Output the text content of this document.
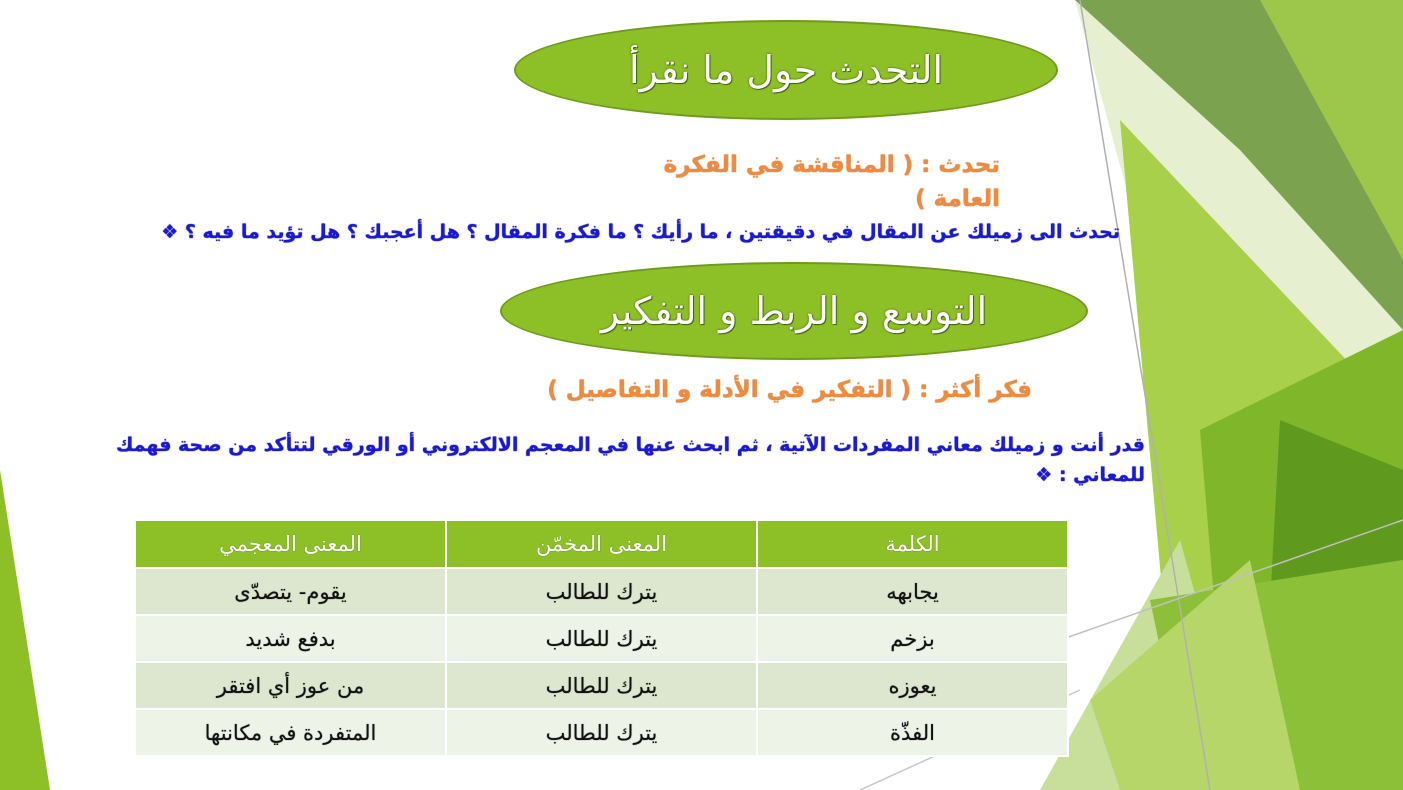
التحدث حول ما نقرأ
تحدث : ( المناقشة في الفكرة العامة )
تحدث الى زميلك عن المقال في دقيقتين ، ما رأيك ؟ ما فكرة المقال ؟ هل أعجبك ؟ هل تؤيد ما فيه ؟ ❖
التوسع و الربط و التفكير
فكر أكثر : ( التفكير في الأدلة و التفاصيل )
قدر أنت و زميلك معاني المفردات الآتية ، ثم ابحث عنها في المعجم الالكتروني أو الورقي لتتأكد من صحة فهمك للمعاني : ❖
الكلمة	المعنى المخمّن	المعنى المعجمي
يجابهه	يترك للطالب	يقوم- يتصدّى
بزخم	يترك للطالب	بدفع شديد
يعوزه	يترك للطالب	من عوز أي افتقر
الفذّة	يترك للطالب	المتفردة في مكانتها
